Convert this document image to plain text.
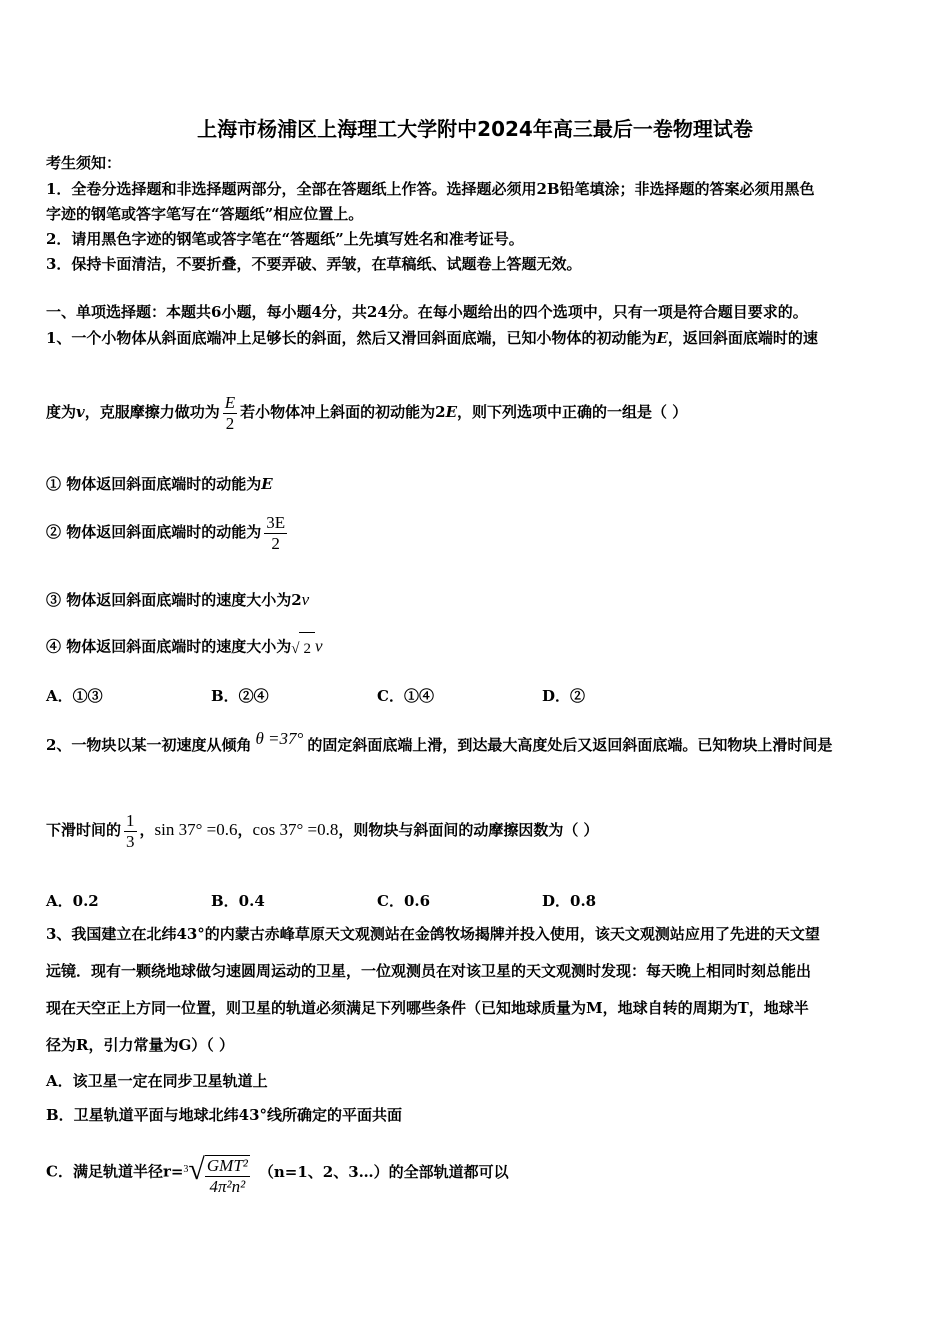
上海市杨浦区上海理工大学附中2024年高三最后一卷物理试卷
考生须知：
1．全卷分选择题和非选择题两部分，全部在答题纸上作答。选择题必须用2B铅笔填涂；非选择题的答案必须用黑色
字迹的钢笔或答字笔写在“答题纸”相应位置上。
2．请用黑色字迹的钢笔或答字笔在“答题纸”上先填写姓名和准考证号。
3．保持卡面清洁，不要折叠，不要弄破、弄皱，在草稿纸、试题卷上答题无效。
一、单项选择题：本题共6小题，每小题4分，共24分。在每小题给出的四个选项中，只有一项是符合题目要求的。
1、一个小物体从斜面底端冲上足够长的斜面，然后又滑回斜面底端，已知小物体的初动能为E，返回斜面底端时的速
度为v，克服摩擦力做功为 $\frac{E}{2}$ 若小物体冲上斜面的初动能为2E，则下列选项中正确的一组是（ ）
① 物体返回斜面底端时的动能为E
② 物体返回斜面底端时的动能为 $\frac{3E}{2}$
③ 物体返回斜面底端时的速度大小为2v
④ 物体返回斜面底端时的速度大小为√ 2 v
A．①③	B．②④	C．①④	D．②
2、一物块以某一初速度从倾角 θ =37° 的固定斜面底端上滑，到达最大高度处后又返回斜面底端。已知物块上滑时间是
下滑时间的 $\frac{1}{3}$ ，sin 37° =0.6，cos 37° =0.8，则物块与斜面间的动摩擦因数为（ ）
A．0.2	B．0.4	C．0.6	D．0.8
3、我国建立在北纬43°的内蒙古赤峰草原天文观测站在金鸽牧场揭牌并投入使用，该天文观测站应用了先进的天文望
远镜．现有一颗绕地球做匀速圆周运动的卫星，一位观测员在对该卫星的天文观测时发现：每天晚上相同时刻总能出
现在天空正上方同一位置，则卫星的轨道必须满足下列哪些条件（已知地球质量为M，地球自转的周期为T，地球半
径为R，引力常量为G）（ ）
A．该卫星一定在同步卫星轨道上
B．卫星轨道平面与地球北纬43°线所确定的平面共面
C．满足轨道半径$r=^3√ \frac{\text{GMT²}}{\text{4π²n²}} (n=1$、2、3…）的全部轨道都可以
